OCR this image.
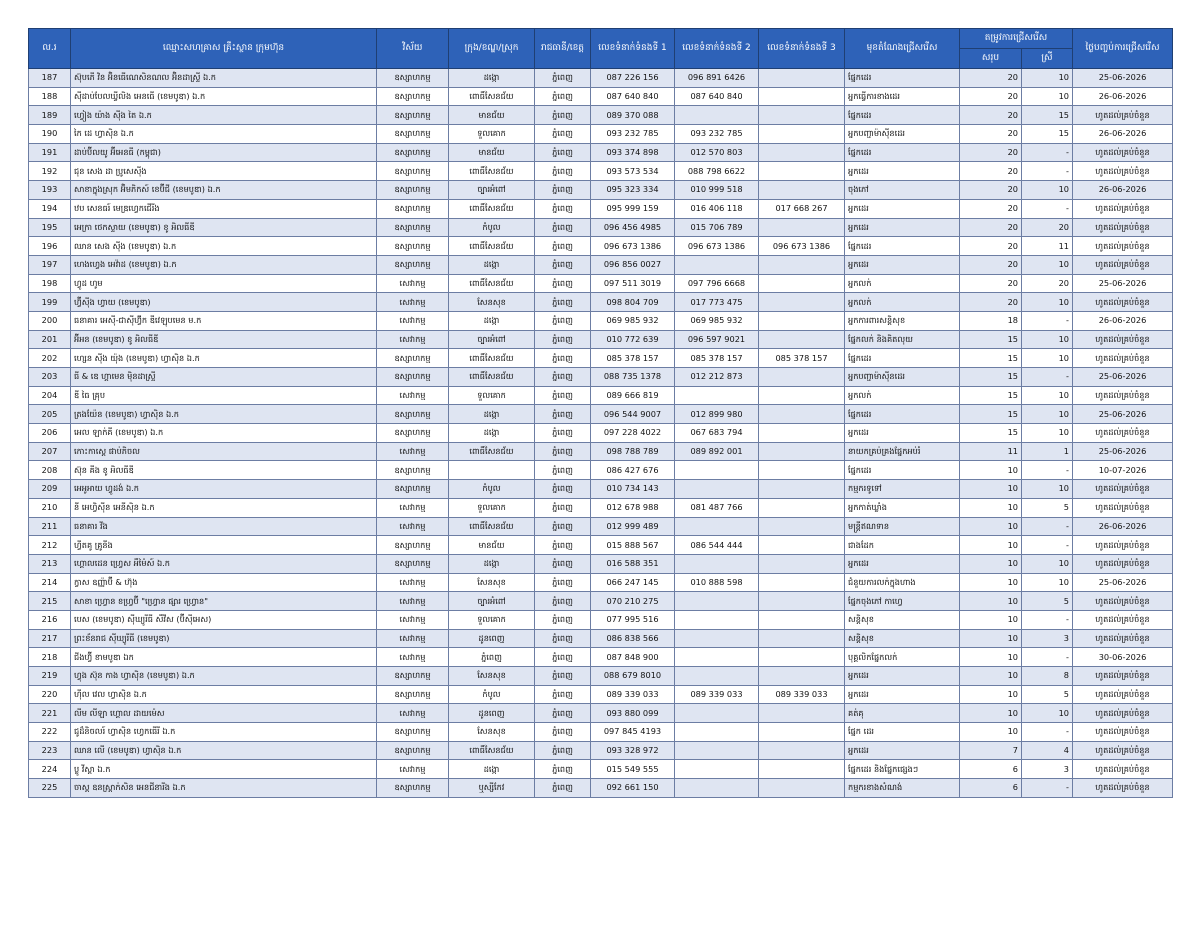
ល.រ	ឈ្មោះសហគ្រាស គ្រឹះស្ថាន ក្រុមហ៊ុន	វិស័យ	ក្រុង/ខណ្ឌ/ស្រុក	រាជធានី/ខេត្ត	លេខទំនាក់ទំនងទី 1	លេខទំនាក់ទំនងទី 2	លេខទំនាក់ទំនងទី 3	មុខតំណែងជ្រើសរើស	តម្រូវការជ្រើសរើស		ថ្ងៃបញ្ចប់ការជ្រើសរើស
									សរុប	ស្រី	
187	ស៊ុបភើ វិន អ៊ិនធើណេសិនណល អ៊ិនដាស្រ្ទី ឯ.ក	ឧស្សាហកម្ម	ដង្កោ	ភ្នំពេញ	087 226 156	096 891 6426		ផ្នែកដេរ	20	10	25-06-2026
188	ស៊ីដាប់បែលឃ្វីលិង អេនធើ (ខេមបូឌា) ឯ.ក	ឧស្សាហកម្ម	ពោធិ៍សែនជ័យ	ភ្នំពេញ	087 640 840	087 640 840		អ្នកធ្វើការខាងដេរ	20	10	26-06-2026
189	ហ្វៀង យ៉ាង ស៊ីង តៃ ឯ.ក	ឧស្សាហកម្ម	មានជ័យ	ភ្នំពេញ	089 370 088			ផ្នែកដេរ	20	15	ហូតដល់គ្រប់ចំនួន
190	កៃ ដេ ហ្វាស៊ិន ឯ.ក	ឧស្សាហកម្ម	ទួលគោក	ភ្នំពេញ	093 232 785	093 232 785		អ្នកបញ្ជាម៉ាស៊ីនដេរ	20	15	26-06-2026
191	ដាប់ប៊ីលយូ អ៊ីអេនធី (កម្ពុជា)	ឧស្សាហកម្ម	មានជ័យ	ភ្នំពេញ	093 374 898	012 570 803		ផ្នែកដេរ	20	-	ហូតដល់គ្រប់ចំនួន
192	ជុន សេង ដា ប្រូសេស៊ីង	ឧស្សាហកម្ម	ពោធិ៍សែនជ័យ	ភ្នំពេញ	093 573 534	088 798 6622		អ្នកដេរ	20	-	ហូតដល់គ្រប់ចំនួន
193	សាខាក្នុងស្រុក អ៊ិមភិកស៍ ខេប៊ីជី (ខេមបូឌា) ឯ.ក	ឧស្សាហកម្ម	ច្បារអំពៅ	ភ្នំពេញ	095 323 334	010 999 518		ចុងភៅ	20	10	26-06-2026
194	ឋប សេនធរ៍ មេឌ្រហ្វេកជើរីង	ឧស្សាហកម្ម	ពោធិ៍សែនជ័យ	ភ្នំពេញ	095 999 159	016 406 118	017 668 267	អ្នកដេរ	20	-	ហូតដល់គ្រប់ចំនួន
195	អេក្រា ថេកស្ទាយ (ខេមបូឌា) ខូ អិលធីឌី	ឧស្សាហកម្ម	កំបូល	ភ្នំពេញ	096 456 4985	015 706 789		អ្នកដេរ	20	20	ហូតដល់គ្រប់ចំនួន
196	ឈាន សេង ស៊ីង (ខេមបូឌា) ឯ.ក	ឧស្សាហកម្ម	ពោធិ៍សែនជ័យ	ភ្នំពេញ	096 673 1386	096 673 1386	096 673 1386	ផ្នែកដេរ	20	11	ហូតដល់គ្រប់ចំនួន
197	ហេងហ្វេង អេវ៉ាដ (ខេមបូឌា) ឯ.ក	ឧស្សាហកម្ម	ដង្កោ	ភ្នំពេញ	096 856 0027			អ្នកដេរ	20	10	ហូតដល់គ្រប់ចំនួន
198	ហ្វូដ ហូម	សេវាកម្ម	ពោធិ៍សែនជ័យ	ភ្នំពេញ	097 511 3019	097 796 6668		អ្នកលក់	20	20	25-06-2026
199	ហ្វ៊ីស៊ីង ហ្វាយ (ខេមបូឌា)	សេវាកម្ម	សែនសុខ	ភ្នំពេញ	098 804 709	017 773 475		អ្នកលក់	20	10	ហូតដល់គ្រប់ចំនួន
200	ធនាគារ អេស៊ី-ជាស៊ីហ៊្វីក ឌីវេឡុបមេន ម.ក	សេវាកម្ម	ដង្កោ	ភ្នំពេញ	069 985 932	069 985 932		អ្នកការពារសន្តិសុខ	18	-	26-06-2026
201	អ៊ីអន (ខេមបូឌា) ខូ អិលធីឌី	សេវាកម្ម	ច្បារអំពៅ	ភ្នំពេញ	010 772 639	096 597 9021		ផ្នែកលក់ និងគិតលុយ	15	10	ហូតដល់គ្រប់ចំនួន
202	ហ្សេន ស៊ីង យ៉ុង (ខេមបូឌា) ហ្វាស៊ិន ឯ.ក	ឧស្សាហកម្ម	ពោធិ៍សែនជ័យ	ភ្នំពេញ	085 378 157	085 378 157	085 378 157	ផ្នែកដេរ	15	10	ហូតដល់គ្រប់ចំនួន
203	ធី & ឌេ ហ្គាមេន ម៉ិនដាស្រ្ទី	ឧស្សាហកម្ម	ពោធិ៍សែនជ័យ	ភ្នំពេញ	088 735 1378	012 212 873		អ្នកបញ្ជាម៉ាស៊ីនដេរ	15	-	25-06-2026
204	ឌី ធៃ គ្រុប	សេវាកម្ម	ទួលគោក	ភ្នំពេញ	089 666 819			អ្នកលក់	15	10	ហូតដល់គ្រប់ចំនួន
205	ត្រងយ៉ែន (ខេមបូឌា) ហ្វាស៊ិន ឯ.ក	ឧស្សាហកម្ម	ដង្កោ	ភ្នំពេញ	096 544 9007	012 899 980		ផ្នែកដេរ	15	10	25-06-2026
206	អេល ឡាក់គី (ខេមបូឌា) ឯ.ក	ឧស្សាហកម្ម	ដង្កោ	ភ្នំពេញ	097 228 4022	067 683 794		អ្នកដេរ	15	10	ហូតដល់គ្រប់ចំនួន
207	កោះកាសេ្ត ផាប់ភិចល	សេវាកម្ម	ពោធិ៍សែនជ័យ	ភ្នំពេញ	098 788 789	089 892 001		នាយកគ្រប់គ្រងផ្នែកអប់រំ	11	1	25-06-2026
208	ស៊ុន គីង ខូ អិលធីឌី	ឧស្សាហកម្ម		ភ្នំពេញ	086 427 676			ផ្នែកដេរ	10	-	10-07-2026
209	អេអូអាយ ហ្វូដង់ ឯ.ក	ឧស្សាហកម្ម	កំបូល	ភ្នំពេញ	010 734 143			កម្មករទូទៅ	10	10	ហូតដល់គ្រប់ចំនួន
210	នី អេហ្វិស៊ីន អេនីស៊ិន ឯ.ក	សេវាកម្ម	ទួលគោក	ភ្នំពេញ	012 678 988	081 487 766		អ្នកកាត់ឃ្លាំង	10	5	ហូតដល់គ្រប់ចំនួន
211	ធនាគារ វីង	សេវាកម្ម	ពោធិ៍សែនជ័យ	ភ្នំពេញ	012 999 489			មន្ត្រីឥណទាន	10	-	26-06-2026
212	ហ្វីតគូ គ្រូនីង	ឧស្សាហកម្ម	មានជ័យ	ភ្នំពេញ	015 888 567	086 544 444		ជាងដែក	10	-	ហូតដល់គ្រប់ចំនួន
213	ហ្គោលដេន ហ្វ្រេស អឹម៉ៃស៍ ឯ.ក	ឧស្សាហកម្ម	ដង្កោ	ភ្នំពេញ	016 588 351			អ្នកដេរ	10	10	ហូតដល់គ្រប់ចំនួន
214	ក្វាស ឧញ្ញ៉ាប៊ី & ហ៊ុង	សេវាកម្ម	សែនសុខ	ភ្នំពេញ	066 247 145	010 888 598		ជំនួយការលក់ក្នុងហាង	10	10	25-06-2026
215	សាខា ហ្វ្រោន ខហ្វ្រប៊ី "ហ្វ្រោន ផ្សារ ហ្វ្រោន"	សេវាកម្ម	ច្បារអំពៅ	ភ្នំពេញ	070 210 275			ផ្នែកចុងភៅ កាហ្វេ	10	5	ហូតដល់គ្រប់ចំនួន
216	បេស (ខេមបូឌា) ស៊ីឃ្យូរីធី សឺវីស (ប៊ីស៊ីអេស)	សេវាកម្ម	ទួលគោក	ភ្នំពេញ	077 995 516			សន្តិសុខ	10	-	ហូតដល់គ្រប់ចំនួន
217	ព្រះខ័នរាជ ស៊ីឃ្យូរីធី (ខេមបូឌា)	សេវាកម្ម	ដូនពេញ	ភ្នំពេញ	086 838 566			សន្តិសុខ	10	3	ហូតដល់គ្រប់ចំនួន
218	ជីងហ្វ៊ី ខាមបូឌា ឯក	សេវាកម្ម	ភ្នំពេញ	ភ្នំពេញ	087 848 900			បុគ្គលិកផ្នែកលក់	10	-	30-06-2026
219	ហ្វុង ស៊ុន កាង ហ្វាស៊ិន (ខេមបូឌា) ឯ.ក	ឧស្សាហកម្ម	សែនសុខ	ភ្នំពេញ	088 679 8010			អ្នកដេរ	10	8	ហូតដល់គ្រប់ចំនួន
220	ហ៊ីល វេល ហ្វាស៊ិន ឯ.ក	ឧស្សាហកម្ម	កំបូល	ភ្នំពេញ	089 339 033	089 339 033	089 339 033	អ្នកដេរ	10	5	ហូតដល់គ្រប់ចំនួន
221	លីម លីឡា ហ្គោល ដាយម៉េស	សេវាកម្ម	ដូនពេញ	ភ្នំពេញ	093 880 099			គត់គុ	10	10	ហូតដល់គ្រប់ចំនួន
222	ជូដ៏និចលរ៍ ហ្វាស៊ិន ហ្វេកធើរី ឯ.ក	ឧស្សាហកម្ម	សែនសុខ	ភ្នំពេញ	097 845 4193			ផ្នែក ដេរ	10	-	ហូតដល់គ្រប់ចំនួន
223	ឈាន លើ (ខេមបូឌា) ហ្វាស៊ិន ឯ.ក	ឧស្សាហកម្ម	ពោធិ៍សែនជ័យ	ភ្នំពេញ	093 328 972			អ្នកដេរ	7	4	ហូតដល់គ្រប់ចំនួន
224	ប្លូ វីស្តា ឯ.ក	សេវាកម្ម	ដង្កោ	ភ្នំពេញ	015 549 555			ផ្នែកដេរ និងផ្នែកផ្សេងៗ	6	3	ហូតដល់គ្រប់ចំនួន
225	ចាស្ត ឧនស្ត្រាក់សិន អេនជីនារីង ឯ.ក	ឧស្សាហកម្ម	ឬស្សីកែវ	ភ្នំពេញ	092 661 150			កម្មករខាងសំណង់	6	-	ហូតដល់គ្រប់ចំនួន
